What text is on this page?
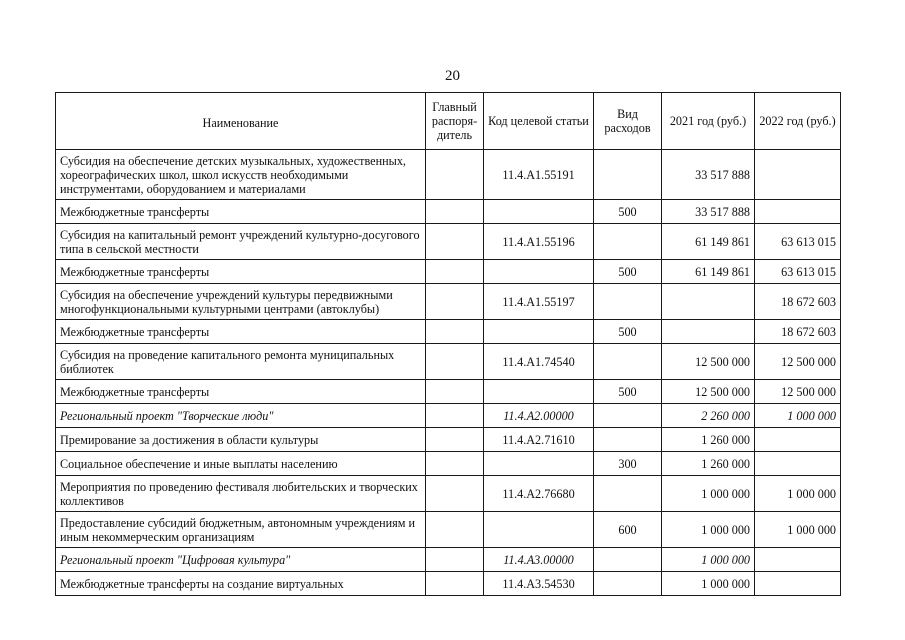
20
Наименование	Главный распоря-дитель	Код целевой статьи	Вид расходов	2021 год (руб.)	2022 год (руб.)
Субсидия на обеспечение детских музыкальных, художественных, хореографических школ, школ искусств необходимыми инструментами, оборудованием и материалами		11.4.А1.55191		33 517 888	
Межбюджетные трансферты			500	33 517 888	
Субсидия на капитальный ремонт учреждений культурно-досугового типа в сельской местности		11.4.А1.55196		61 149 861	63 613 015
Межбюджетные трансферты			500	61 149 861	63 613 015
Субсидия на обеспечение учреждений культуры передвижными многофункциональными культурными центрами (автоклубы)		11.4.А1.55197			18 672 603
Межбюджетные трансферты			500		18 672 603
Субсидия на проведение капитального ремонта муниципальных библиотек		11.4.А1.74540		12 500 000	12 500 000
Межбюджетные трансферты			500	12 500 000	12 500 000
Региональный проект "Творческие люди"		11.4.А2.00000		2 260 000	1 000 000
Премирование за достижения в области культуры		11.4.А2.71610		1 260 000	
Социальное обеспечение и иные выплаты населению			300	1 260 000	
Мероприятия по проведению фестиваля любительских и творческих коллективов		11.4.А2.76680		1 000 000	1 000 000
Предоставление субсидий бюджетным, автономным учреждениям и иным некоммерческим организациям			600	1 000 000	1 000 000
Региональный проект "Цифровая культура"		11.4.А3.00000		1 000 000	
Межбюджетные трансферты на создание виртуальных		11.4.А3.54530		1 000 000	
